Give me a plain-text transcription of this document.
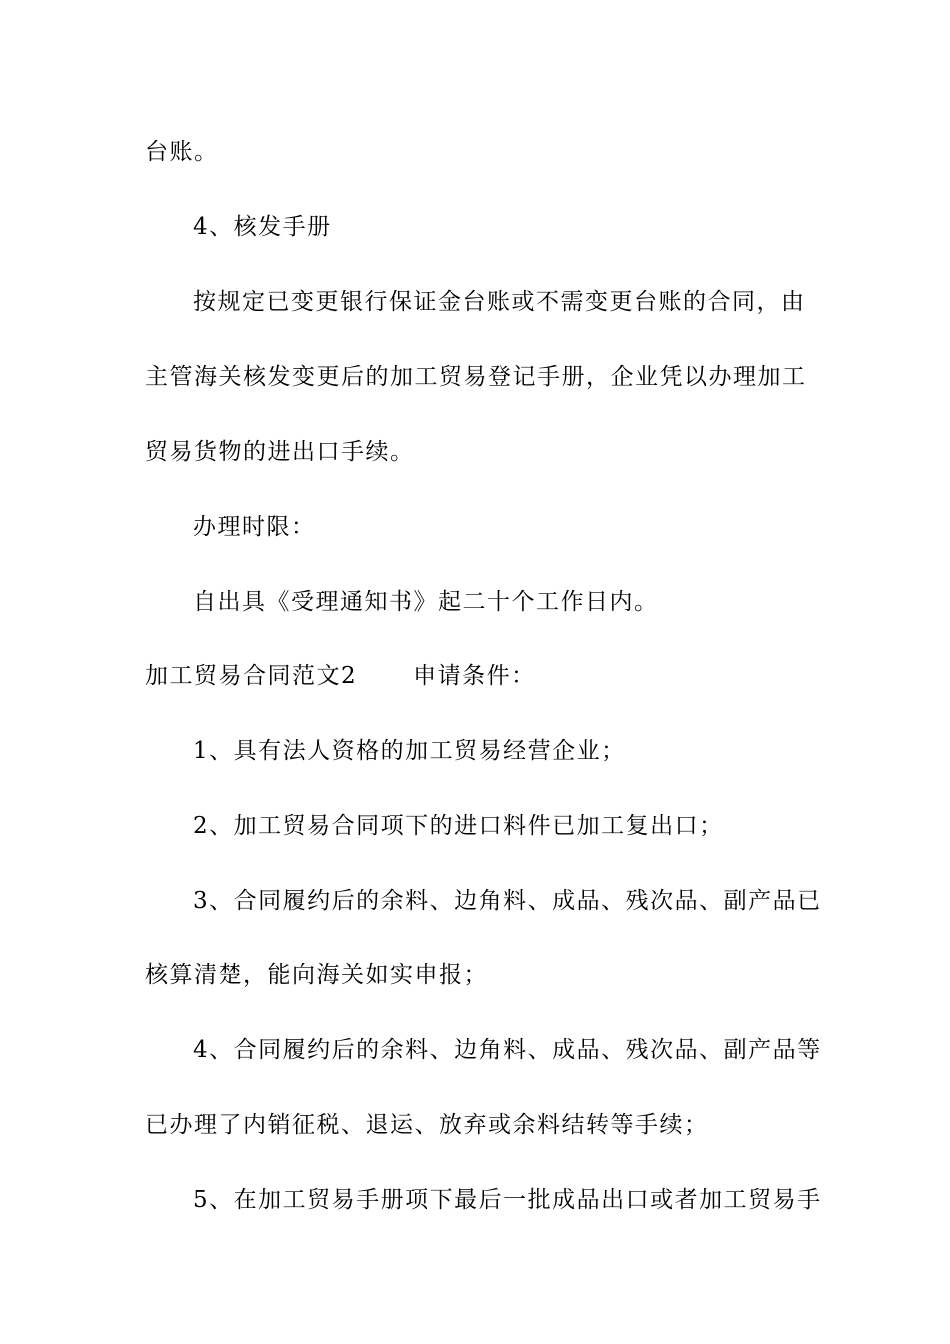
台账。
4、核发手册
按规定已变更银行保证金台账或不需变更台账的合同，由
主管海关核发变更后的加工贸易登记手册，企业凭以办理加工
贸易货物的进出口手续。
办理时限：
自出具《受理通知书》起二十个工作日内。
加工贸易合同范文2 申请条件：
1、具有法人资格的加工贸易经营企业；
2、加工贸易合同项下的进口料件已加工复出口；
3、合同履约后的余料、边角料、成品、残次品、副产品已
核算清楚，能向海关如实申报；
4、合同履约后的余料、边角料、成品、残次品、副产品等
已办理了内销征税、退运、放弃或余料结转等手续；
5、在加工贸易手册项下最后一批成品出口或者加工贸易手
